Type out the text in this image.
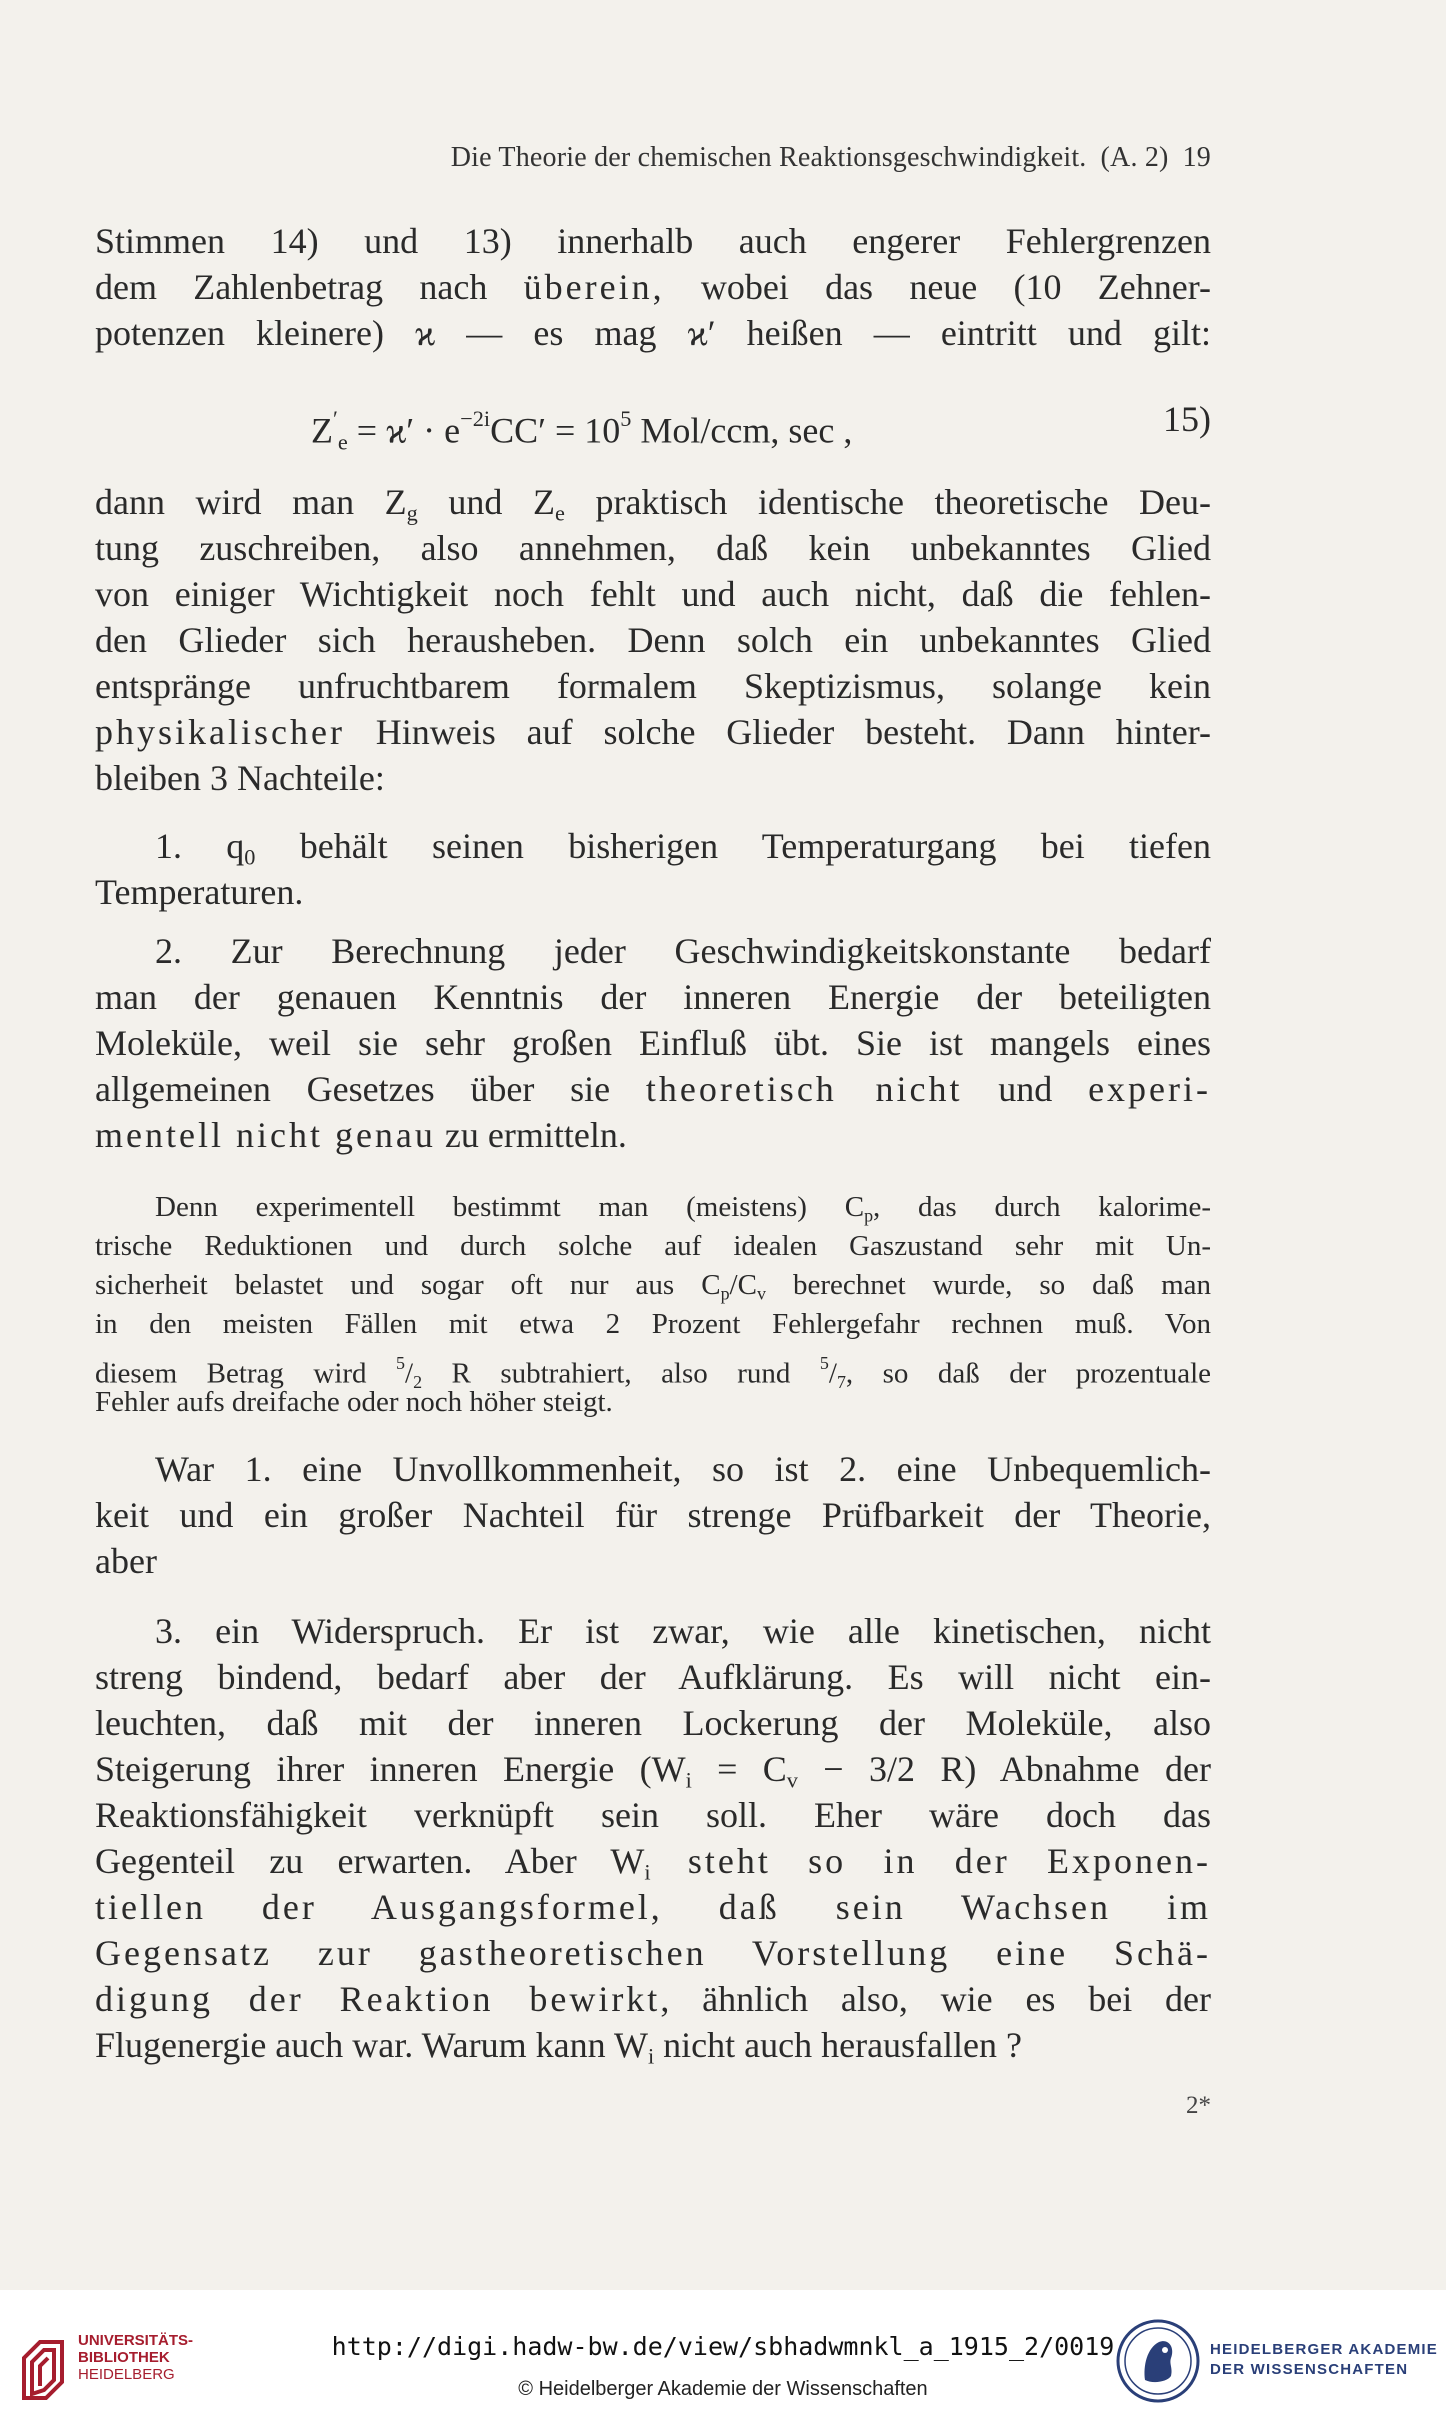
Die Theorie der chemischen Reaktionsgeschwindigkeit. (A. 2) 19
Stimmen 14) und 13) innerhalb auch engerer Fehlergrenzen
dem Zahlenbetrag nach überein, wobei das neue (10 Zehner-
potenzen kleinere) ϰ — es mag ϰ′ heißen — eintritt und gilt:
$Z'_e = ϰ' \cdot e^{-2i}CC' = 10^5$ Mol/ccm, sec ,	15)
dann wird man $Z_g$ und $Z_e$ praktisch identische theoretische Deu-
tung zuschreiben, also annehmen, daß kein unbekanntes Glied
von einiger Wichtigkeit noch fehlt und auch nicht, daß die fehlen-
den Glieder sich herausheben. Denn solch ein unbekanntes Glied
entspränge unfruchtbarem formalem Skeptizismus, solange kein
physikalischer Hinweis auf solche Glieder besteht. Dann hinter-
bleiben 3 Nachteile:
1. $q_0$ behält seinen bisherigen Temperaturgang bei tiefen
Temperaturen.
2. Zur Berechnung jeder Geschwindigkeitskonstante bedarf
man der genauen Kenntnis der inneren Energie der beteiligten
Moleküle, weil sie sehr großen Einfluß übt. Sie ist mangels eines
allgemeinen Gesetzes über sie theoretisch nicht und experi-
mentell nicht genau zu ermitteln.
Denn experimentell bestimmt man (meistens) $C_p$, das durch kalorime-
trische Reduktionen und durch solche auf idealen Gaszustand sehr mit Un-
sicherheit belastet und sogar oft nur aus $C_p/C_v$ berechnet wurde, so daß man
in den meisten Fällen mit etwa 2 Prozent Fehlergefahr rechnen muß. Von
diesem Betrag wird $^5/_2$ R subtrahiert, also rund $^5/_7$, so daß der prozentuale
Fehler aufs dreifache oder noch höher steigt.
War 1. eine Unvollkommenheit, so ist 2. eine Unbequemlich-
keit und ein großer Nachteil für strenge Prüfbarkeit der Theorie,
aber
3. ein Widerspruch. Er ist zwar, wie alle kinetischen, nicht
streng bindend, bedarf aber der Aufklärung. Es will nicht ein-
leuchten, daß mit der inneren Lockerung der Moleküle, also
Steigerung ihrer inneren Energie ($W_i = C_v - 3/2$ R) Abnahme der
Reaktionsfähigkeit verknüpft sein soll. Eher wäre doch das
Gegenteil zu erwarten. Aber $W_i$ steht so in der Exponen-
tiellen der Ausgangsformel, daß sein Wachsen im
Gegensatz zur gastheoretischen Vorstellung eine Schä-
digung der Reaktion bewirkt, ähnlich also, wie es bei der
Flugenergie auch war. Warum kann $W_i$ nicht auch herausfallen ?
2*
UNIVERSITÄTS-
BIBLIOTHEK
HEIDELBERG
http://digi.hadw-bw.de/view/sbhadwmnkl_a_1915_2/0019
© Heidelberger Akademie der Wissenschaften
HEIDELBERGER AKADEMIE
DER WISSENSCHAFTEN
